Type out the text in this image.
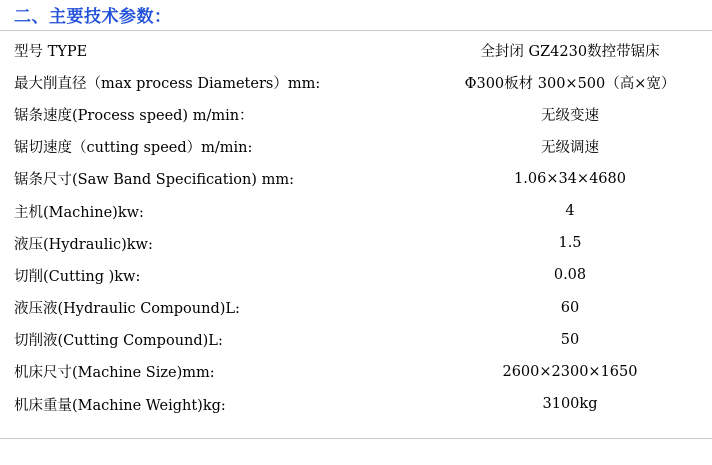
二、主要技术参数：
型号 TYPE	全封闭 GZ4230数控带锯床
最大削直径（max process Diameters）mm:	Φ300板材 300×500（高×宽）
锯条速度(Process speed) m/min：	无级变速
锯切速度（cutting speed）m/min:	无级调速
锯条尺寸(Saw Band Specification) mm:	1.06×34×4680
主机(Machine)kw:	4
液压(Hydraulic)kw:	1.5
切削(Cutting )kw:	0.08
液压液(Hydraulic Compound)L:	60
切削液(Cutting Compound)L:	50
机床尺寸(Machine Size)mm:	2600×2300×1650
机床重量(Machine Weight)kg:	3100kg
